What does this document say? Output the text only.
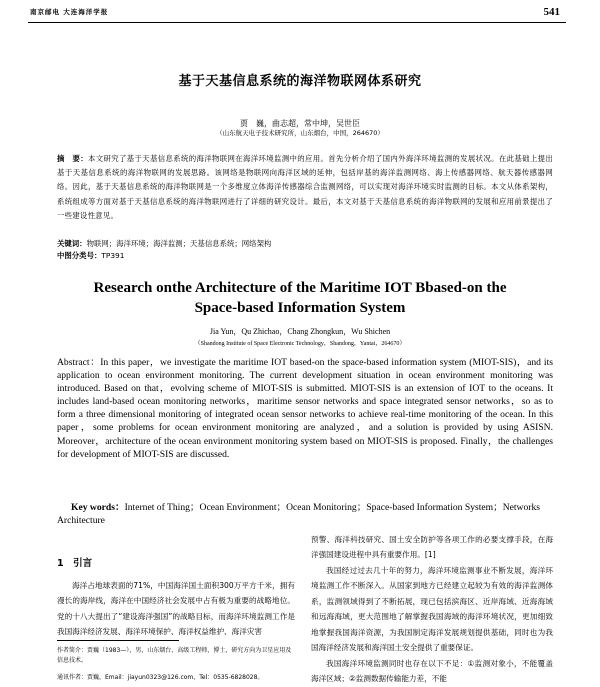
南京邮电 大连海洋学报	541
基于天基信息系统的海洋物联网体系研究
贾　巍，曲志超，常中坤，吴世臣
（山东航天电子技术研究所，山东烟台，中国，264670）

摘　要：本文研究了基于天基信息系统的海洋物联网在海洋环境监测中的应用。首先分析介绍了国内外海洋环境监测的发展状况。在此基础上提出基于天基信息系统的海洋物联网的发展思路。该网络是物联网向海洋区域的延伸，包括岸基的海洋监测网络、海上传感器网络、航天器传感器网络。因此，基于天基信息系统的海洋物联网是一个多维度立体海洋传感器综合监测网络，可以实现对海洋环境实时监测的目标。本文从体系架构，系统组成等方面对基于天基信息系统的海洋物联网进行了详细的研究设计。最后，本文对基于天基信息系统的海洋物联网的发展和应用前景提出了一些建设性意见。

关键词：物联网；海洋环境；海洋监测；天基信息系统；网络架构

中图分类号：TP391

Research onthe Architecture of the Maritime IOT Bbased-on the
Space-based Information System

Jia Yun，Qu Zhichao，Chang Zhongkun，Wu Shichen
（Shandong Institute of Space Electronic Technology，Shandong，Yantai，264670）

Abstract：In this paper，we investigate the maritime IOT based-on the space-based information system (MIOT-SIS)，and its application to ocean environment monitoring. The current development situation in ocean environment monitoring was introduced. Based on that，evolving scheme of MIOT-SIS is submitted. MIOT-SIS is an extension of IOT to the oceans. It includes land-based ocean monitoring networks，maritime sensor networks and space integrated sensor networks，so as to form a three dimensional monitoring of integrated ocean sensor networks to achieve real-time monitoring of the ocean. In this paper，some problems for ocean environment monitoring are analyzed，and a solution is provided by using ASISN. Moreover，architecture of the ocean environment monitoring system based on MIOT-SIS is proposed. Finally，the challenges for development of MIOT-SIS are discussed.

Key words：Internet of Thing；Ocean Environment；Ocean Monitoring；Space-based Information System；Networks Architecture

1　引言

海洋占地球表面的71%，中国海洋国土面积300万平方千米，拥有漫长的海岸线，海洋在中国经济社会发展中占有极为重要的战略地位。党的十八大提出了“建设海洋强国”的战略目标，而海洋环境监测工作是我国海洋经济发展、海洋环境保护、海洋权益维护、海洋灾害

作者简介：贾巍（1983—），男，山东烟台，高级工程师，博士，研究方向为卫星应用及信息技术。

通讯作者：贾巍，Email：jiayun0323@126.com，Tel：0535-6828028。

预警、海洋科技研究、国土安全防护等各项工作的必要支撑手段，在海洋强国建设进程中具有重要作用。[1]

我国经过过去几十年的努力，海洋环境监测事业不断发展，海洋环境监测工作不断深入。从国家到地方已经建立起较为有效的海洋监测体系，监测领域得到了不断拓展，现已包括滨海区、近岸海域、近海海域和远海海域，更大范围地了解掌握我国海域的海洋环境状况，更加细致地掌握我国海洋资源，为我国制定海洋发展规划提供基础，同时也为我国海洋经济发展和海洋国土安全提供了重要保证。

我国海洋环境监测同时也存在以下不足：①监测对象小，不能覆盖海洋区域；②监测数据传输能力差，不能
